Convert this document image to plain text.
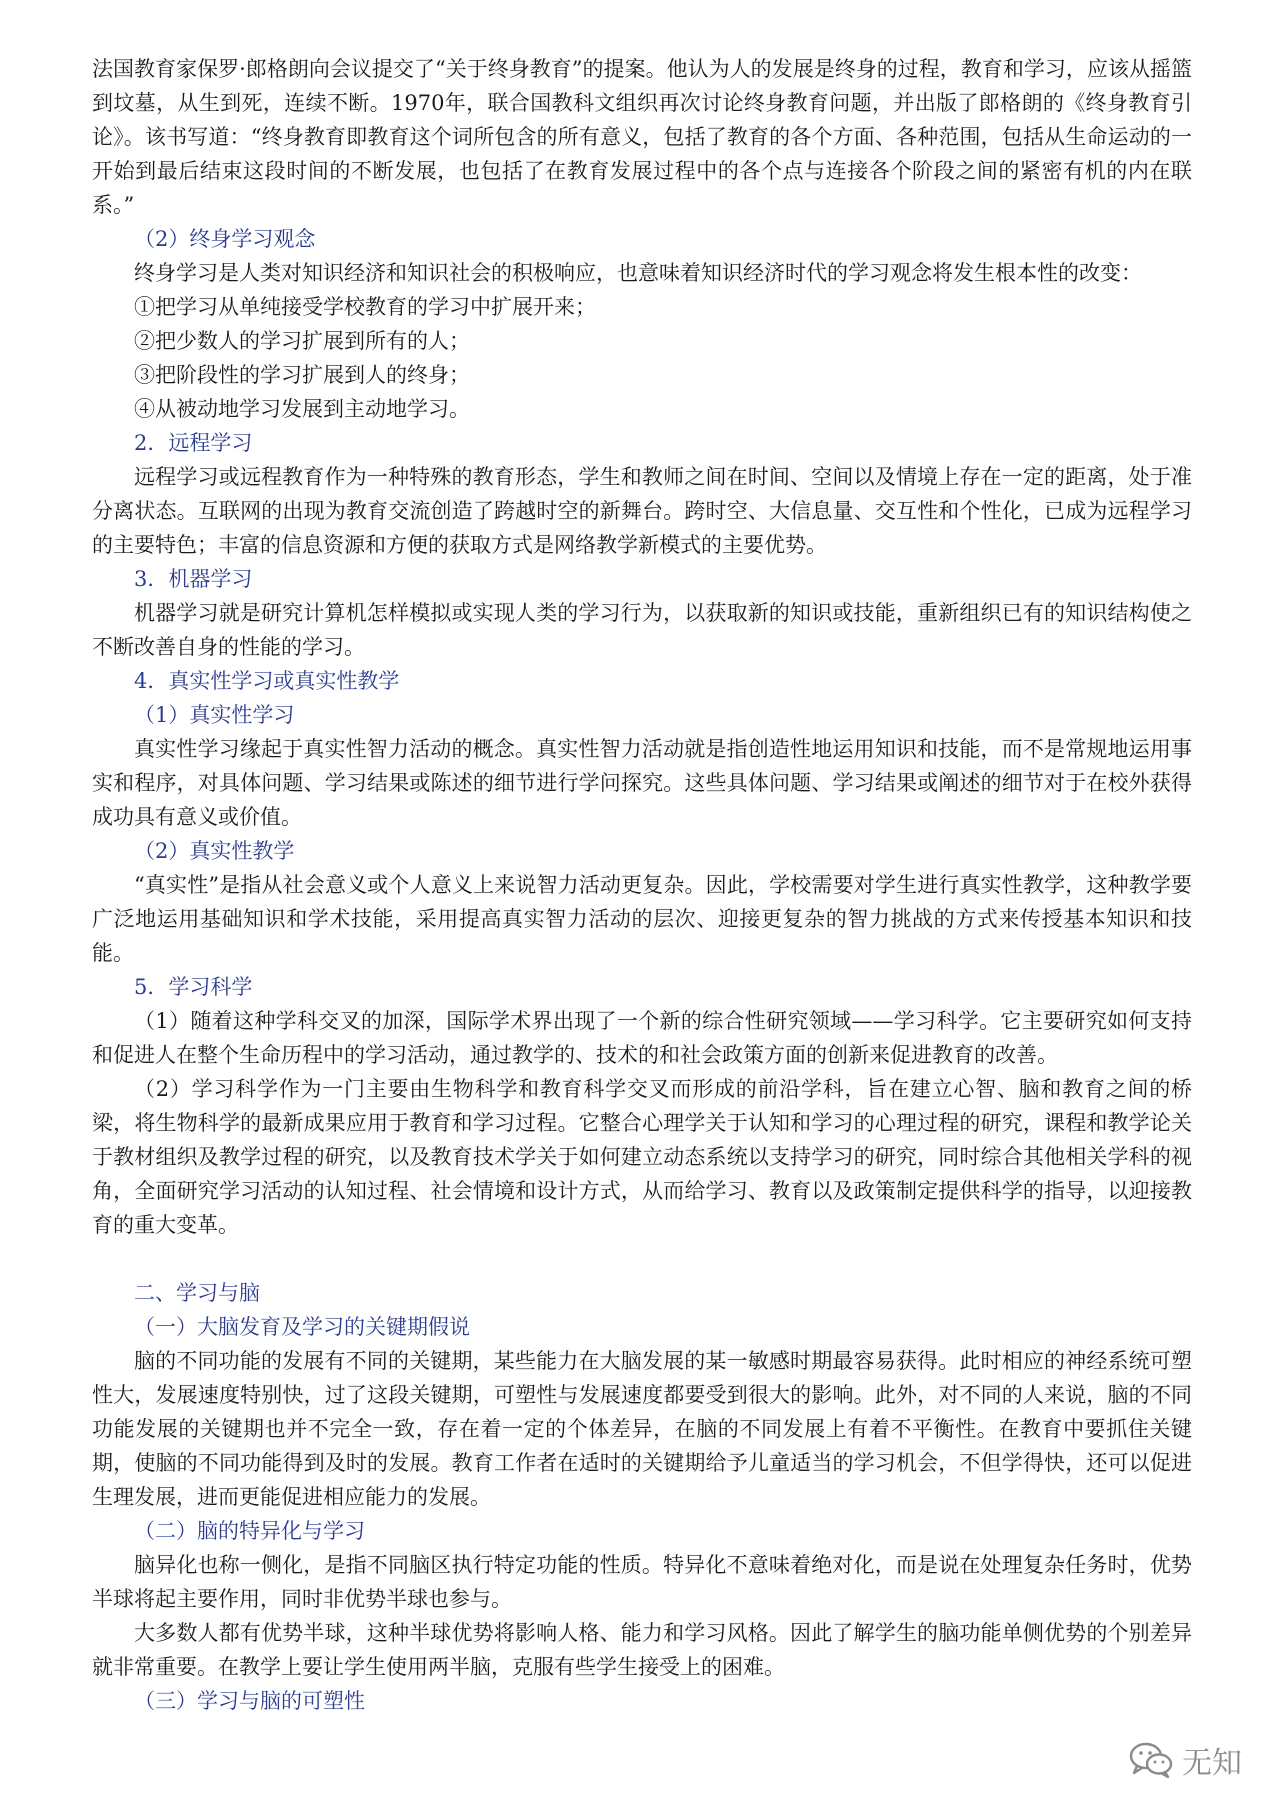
法国教育家保罗·郎格朗向会议提交了“关于终身教育”的提案。他认为人的发展是终身的过程，教育和学习，应该从摇篮到坟墓，从生到死，连续不断。1970年，联合国教科文组织再次讨论终身教育问题，并出版了郎格朗的《终身教育引论》。该书写道：“终身教育即教育这个词所包含的所有意义，包括了教育的各个方面、各种范围，包括从生命运动的一开始到最后结束这段时间的不断发展，也包括了在教育发展过程中的各个点与连接各个阶段之间的紧密有机的内在联系。”

（2）终身学习观念

终身学习是人类对知识经济和知识社会的积极响应，也意味着知识经济时代的学习观念将发生根本性的改变：

①把学习从单纯接受学校教育的学习中扩展开来；

②把少数人的学习扩展到所有的人；

③把阶段性的学习扩展到人的终身；

④从被动地学习发展到主动地学习。

2．远程学习

远程学习或远程教育作为一种特殊的教育形态，学生和教师之间在时间、空间以及情境上存在一定的距离，处于准分离状态。互联网的出现为教育交流创造了跨越时空的新舞台。跨时空、大信息量、交互性和个性化，已成为远程学习的主要特色；丰富的信息资源和方便的获取方式是网络教学新模式的主要优势。

3．机器学习

机器学习就是研究计算机怎样模拟或实现人类的学习行为，以获取新的知识或技能，重新组织已有的知识结构使之不断改善自身的性能的学习。

4．真实性学习或真实性教学

（1）真实性学习

真实性学习缘起于真实性智力活动的概念。真实性智力活动就是指创造性地运用知识和技能，而不是常规地运用事实和程序，对具体问题、学习结果或陈述的细节进行学问探究。这些具体问题、学习结果或阐述的细节对于在校外获得成功具有意义或价值。

（2）真实性教学

“真实性”是指从社会意义或个人意义上来说智力活动更复杂。因此，学校需要对学生进行真实性教学，这种教学要广泛地运用基础知识和学术技能，采用提高真实智力活动的层次、迎接更复杂的智力挑战的方式来传授基本知识和技能。

5．学习科学

（1）随着这种学科交叉的加深，国际学术界出现了一个新的综合性研究领域——学习科学。它主要研究如何支持和促进人在整个生命历程中的学习活动，通过教学的、技术的和社会政策方面的创新来促进教育的改善。

（2）学习科学作为一门主要由生物科学和教育科学交叉而形成的前沿学科，旨在建立心智、脑和教育之间的桥梁，将生物科学的最新成果应用于教育和学习过程。它整合心理学关于认知和学习的心理过程的研究，课程和教学论关于教材组织及教学过程的研究，以及教育技术学关于如何建立动态系统以支持学习的研究，同时综合其他相关学科的视角，全面研究学习活动的认知过程、社会情境和设计方式，从而给学习、教育以及政策制定提供科学的指导，以迎接教育的重大变革。

二、学习与脑

（一）大脑发育及学习的关键期假说

脑的不同功能的发展有不同的关键期，某些能力在大脑发展的某一敏感时期最容易获得。此时相应的神经系统可塑性大，发展速度特别快，过了这段关键期，可塑性与发展速度都要受到很大的影响。此外，对不同的人来说，脑的不同功能发展的关键期也并不完全一致，存在着一定的个体差异，在脑的不同发展上有着不平衡性。在教育中要抓住关键期，使脑的不同功能得到及时的发展。教育工作者在适时的关键期给予儿童适当的学习机会，不但学得快，还可以促进生理发展，进而更能促进相应能力的发展。

（二）脑的特异化与学习

脑异化也称一侧化，是指不同脑区执行特定功能的性质。特异化不意味着绝对化，而是说在处理复杂任务时，优势半球将起主要作用，同时非优势半球也参与。

大多数人都有优势半球，这种半球优势将影响人格、能力和学习风格。因此了解学生的脑功能单侧优势的个别差异就非常重要。在教学上要让学生使用两半脑，克服有些学生接受上的困难。

（三）学习与脑的可塑性

无知
